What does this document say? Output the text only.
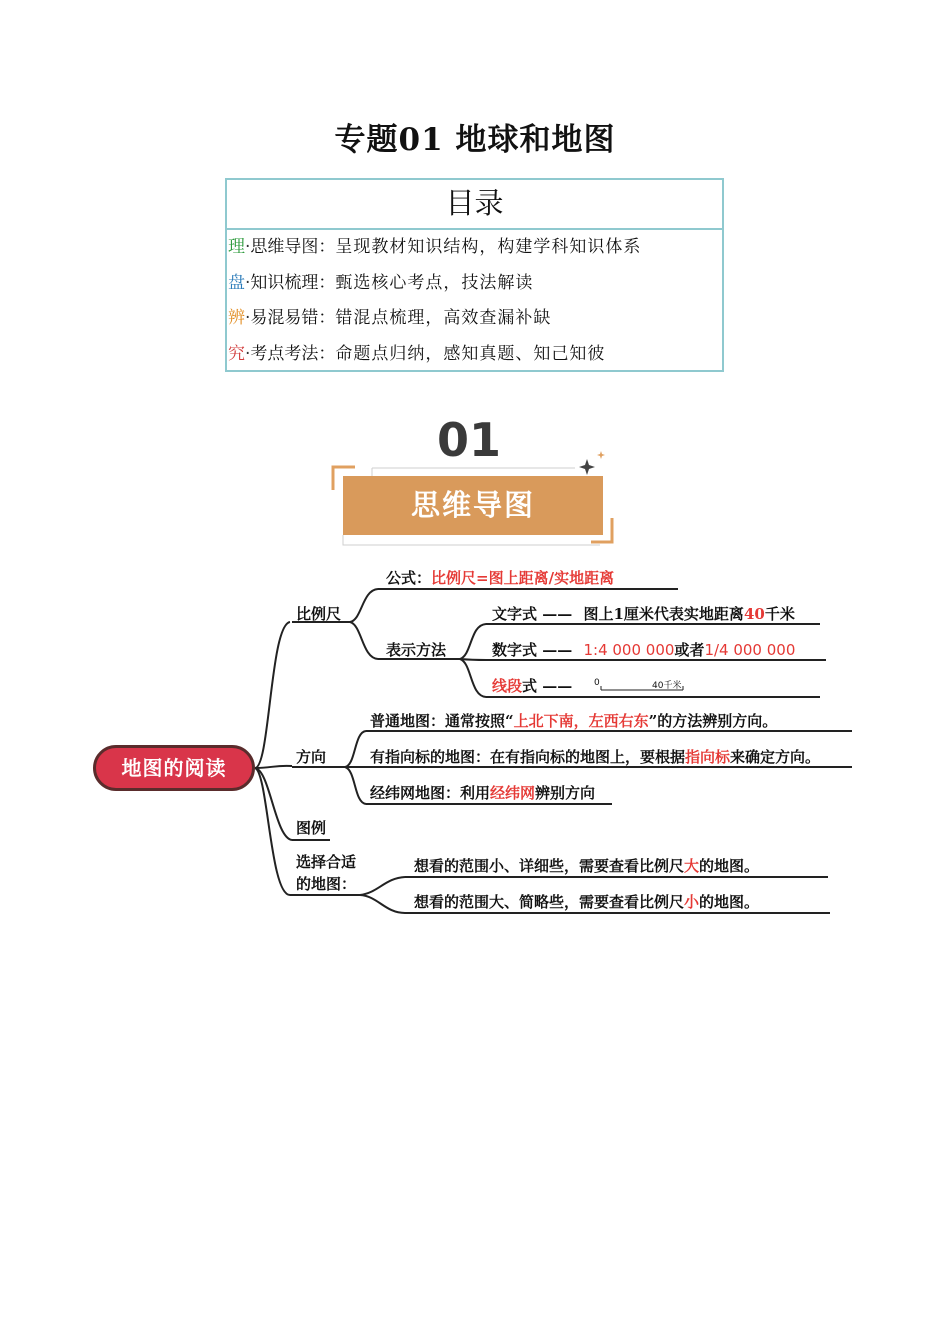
专题01 地球和地图
目录
理·思维导图：呈现教材知识结构，构建学科知识体系
盘·知识梳理：甄选核心考点，技法解读
辨·易混易错：错混点梳理，高效查漏补缺
究·考点考法：命题点归纳，感知真题、知己知彼
01
思维导图
地图的阅读
比例尺
公式：比例尺=图上距离/实地距离
表示方法
文字式 —— 图上1厘米代表实地距离40千米
数字式 —— 1:4 000 000或者1/4 000 000
线段式 —— 0	40千米
方向
普通地图：通常按照“上北下南，左西右东”的方法辨别方向。
有指向标的地图：在有指向标的地图上，要根据指向标来确定方向。
经纬网地图：利用经纬网辨别方向
图例
选择合适
的地图：
想看的范围小、详细些，需要查看比例尺大的地图。
想看的范围大、简略些，需要查看比例尺小的地图。
